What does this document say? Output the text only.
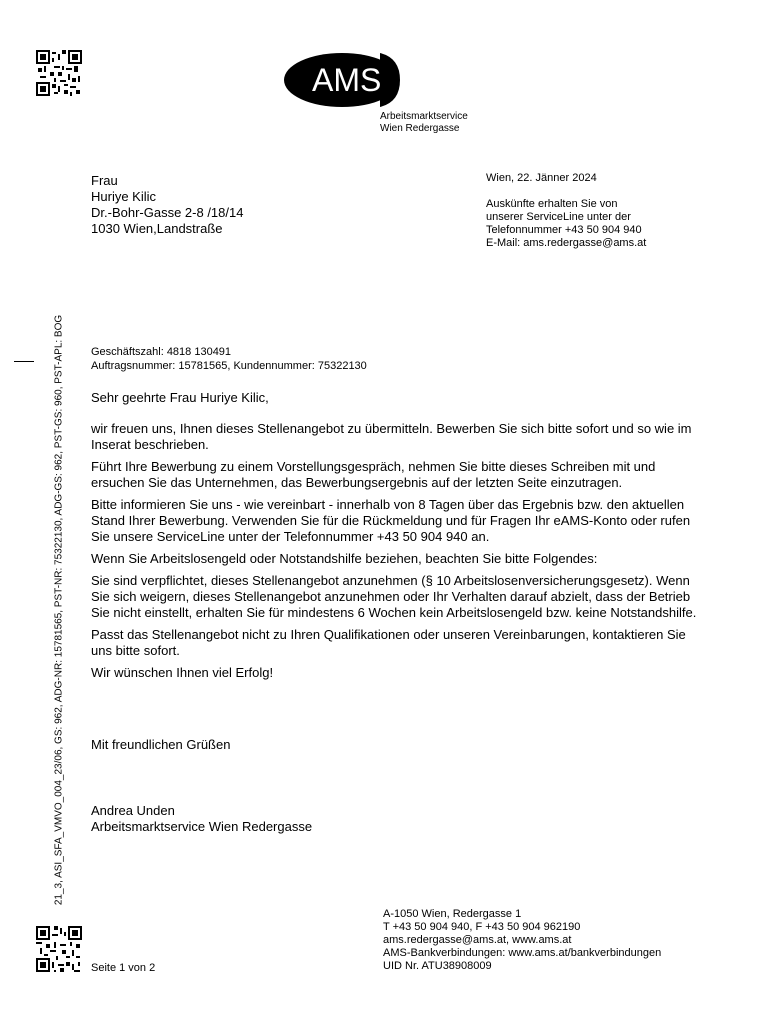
AMS
Arbeitsmarktservice
Wien Redergasse
21_3, ASI_SFA_VMVO_004_23/06, GS: 962, ADG-NR: 15781565, PST-NR: 75322130, ADG-GS: 962, PST-GS: 960, PST-APL: BOG
Frau
Huriye Kilic
Dr.-Bohr-Gasse 2-8 /18/14
1030 Wien,Landstraße
Wien, 22. Jänner 2024
Auskünfte erhalten Sie von
unserer ServiceLine unter der
Telefonnummer +43 50 904 940
E-Mail: ams.redergasse@ams.at
Geschäftszahl: 4818 130491
Auftragsnummer: 15781565, Kundennummer: 75322130
Sehr geehrte Frau Huriye Kilic,

wir freuen uns, Ihnen dieses Stellenangebot zu übermitteln. Bewerben Sie sich bitte sofort und so wie im Inserat beschrieben.

Führt Ihre Bewerbung zu einem Vorstellungsgespräch, nehmen Sie bitte dieses Schreiben mit und ersuchen Sie das Unternehmen, das Bewerbungsergebnis auf der letzten Seite einzutragen.

Bitte informieren Sie uns - wie vereinbart - innerhalb von 8 Tagen über das Ergebnis bzw. den aktuellen Stand Ihrer Bewerbung. Verwenden Sie für die Rückmeldung und für Fragen Ihr eAMS-Konto oder rufen Sie unsere ServiceLine unter der Telefonnummer +43 50 904 940 an.

Wenn Sie Arbeitslosengeld oder Notstandshilfe beziehen, beachten Sie bitte Folgendes:

Sie sind verpflichtet, dieses Stellenangebot anzunehmen (§ 10 Arbeitslosenversicherungsgesetz). Wenn Sie sich weigern, dieses Stellenangebot anzunehmen oder Ihr Verhalten darauf abzielt, dass der Betrieb Sie nicht einstellt, erhalten Sie für mindestens 6 Wochen kein Arbeitslosengeld bzw. keine Notstandshilfe.

Passt das Stellenangebot nicht zu Ihren Qualifikationen oder unseren Vereinbarungen, kontaktieren Sie uns bitte sofort.

Wir wünschen Ihnen viel Erfolg!

Mit freundlichen Grüßen
Andrea Unden
Arbeitsmarktservice Wien Redergasse
A-1050 Wien, Redergasse 1
T +43 50 904 940, F +43 50 904 962190
ams.redergasse@ams.at, www.ams.at
AMS-Bankverbindungen: www.ams.at/bankverbindungen
UID Nr. ATU38908009
Seite 1 von 2
